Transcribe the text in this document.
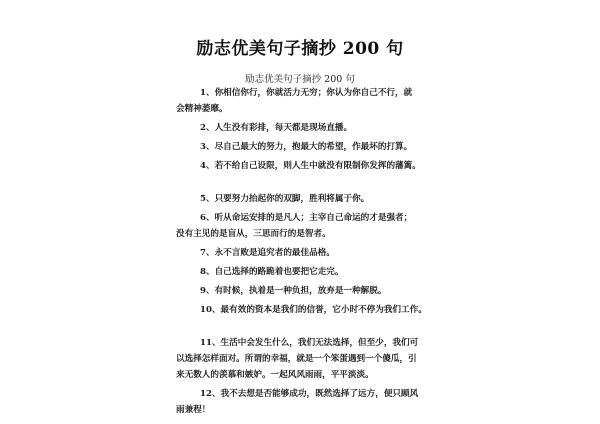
励志优美句子摘抄 200 句
励志优美句子摘抄 200 句
1、你相信你行，你就活力无穷；你认为你自己不行，就
会精神萎靡。
2、人生没有彩排，每天都是现场直播。
3、尽自己最大的努力，抱最大的希望，作最坏的打算。
4、若不给自己设限，则人生中就没有限制你发挥的藩篱。
5、只要努力抬起你的双脚，胜利将属于你。
6、听从命运安排的是凡人；主宰自己命运的才是强者；
没有主见的是盲从，三思而行的是智者。
7、永不言败是追究者的最佳品格。
8、自己选择的路跪着也要把它走完。
9、有时候，执着是一种负担，放弃是一种解脱。
10、最有效的资本是我们的信誉，它小时不停为我们工作。
11、生活中会发生什么，我们无法选择，但至少，我们可
以选择怎样面对。所谓的幸福，就是一个笨蛋遇到一个傻瓜，引
来无数人的羡慕和嫉妒。一起风风雨雨，平平淡淡。
12、我不去想是否能够成功，既然选择了远方，便只顾风
雨兼程！
